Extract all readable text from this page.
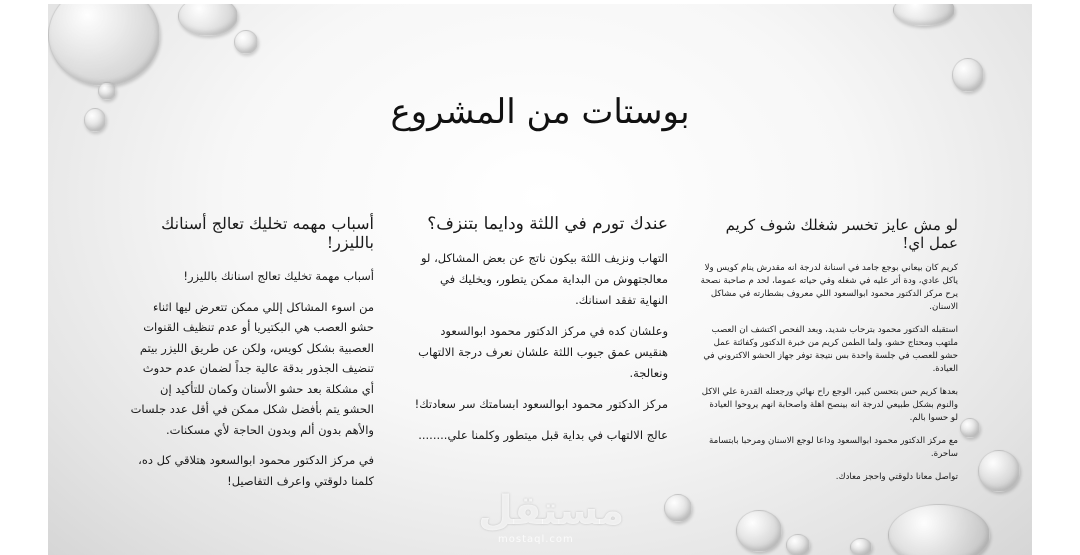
بوستات من المشروع
لو مش عايز تخسر شغلك شوف كريم عمل اي!

كريم كان بيعاني بوجع جامد في اسنانة لدرجة انه مقدرش ينام كويس ولا ياكل عادي، ودة أثر عليه في شغله وفي حياته عموما، لحد م صاحبة نصحة يرح مركز الدكتور محمود ابوالسعود اللي معروف بشطارته في مشاكل الاسنان.

استقبله الدكتور محمود بترحاب شديد، وبعد الفحص اكتشف ان العصب ملتهب ومحتاج حشو، ولما الطمن كريم من خبرة الدكتور وكفائتة عمل حشو للعصب في جلسة واحدة بس نتيجة توفر جهاز الحشو الاكتروني في العيادة.

بعدها كريم حس بتحسن كبير، الوجع راح نهائي ورجعتله القدرة علي الاكل والنوم بشكل طبيعي لدرجة انه بينصح اهلة واصحابة انهم يروحوا العيادة لو حسوا بالم.

مع مركز الدكتور محمود ابوالسعود وداعا لوجع الاسنان ومرحبا بابتسامة ساحرة.

تواصل معانا دلوقتي واحجز معادك.

عندك تورم في اللثة ودايما بتنزف؟

التهاب ونزيف اللثة بيكون ناتج عن بعض المشاكل، لو معالجتهوش من البداية ممكن يتطور، ويخليك في النهاية تفقد اسنانك.

وعلشان كده في مركز الدكتور محمود ابوالسعود هنقيس عمق جيوب اللثة علشان نعرف درجة الالتهاب ونعالجة.

مركز الدكتور محمود ابوالسعود ابسامتك سر سعادتك!

عالج الالتهاب في بداية قبل ميتطور وكلمنا علي........

أسباب مهمه تخليك تعالج أسنانك بالليزر!

أسباب مهمة تخليك تعالج اسنانك بالليزر!

من اسوء المشاكل إللي ممكن تتعرض ليها اثناء حشو العصب هي البكتيريا أو عدم تنظيف القنوات العصبية بشكل كويس، ولكن عن طريق الليزر بيتم تنضيف الجذور بدقة عالية جداً لضمان عدم حدوث أي مشكلة بعد حشو الأسنان وكمان للتأكيد إن الحشو يتم بأفضل شكل ممكن في أقل عدد جلسات والأهم بدون ألم وبدون الحاجة لأي مسكنات.

في مركز الدكتور محمود ابوالسعود هتلاقي كل ده، كلمنا دلوقتي واعرف التفاصيل!

مستقل
mostaql.com
